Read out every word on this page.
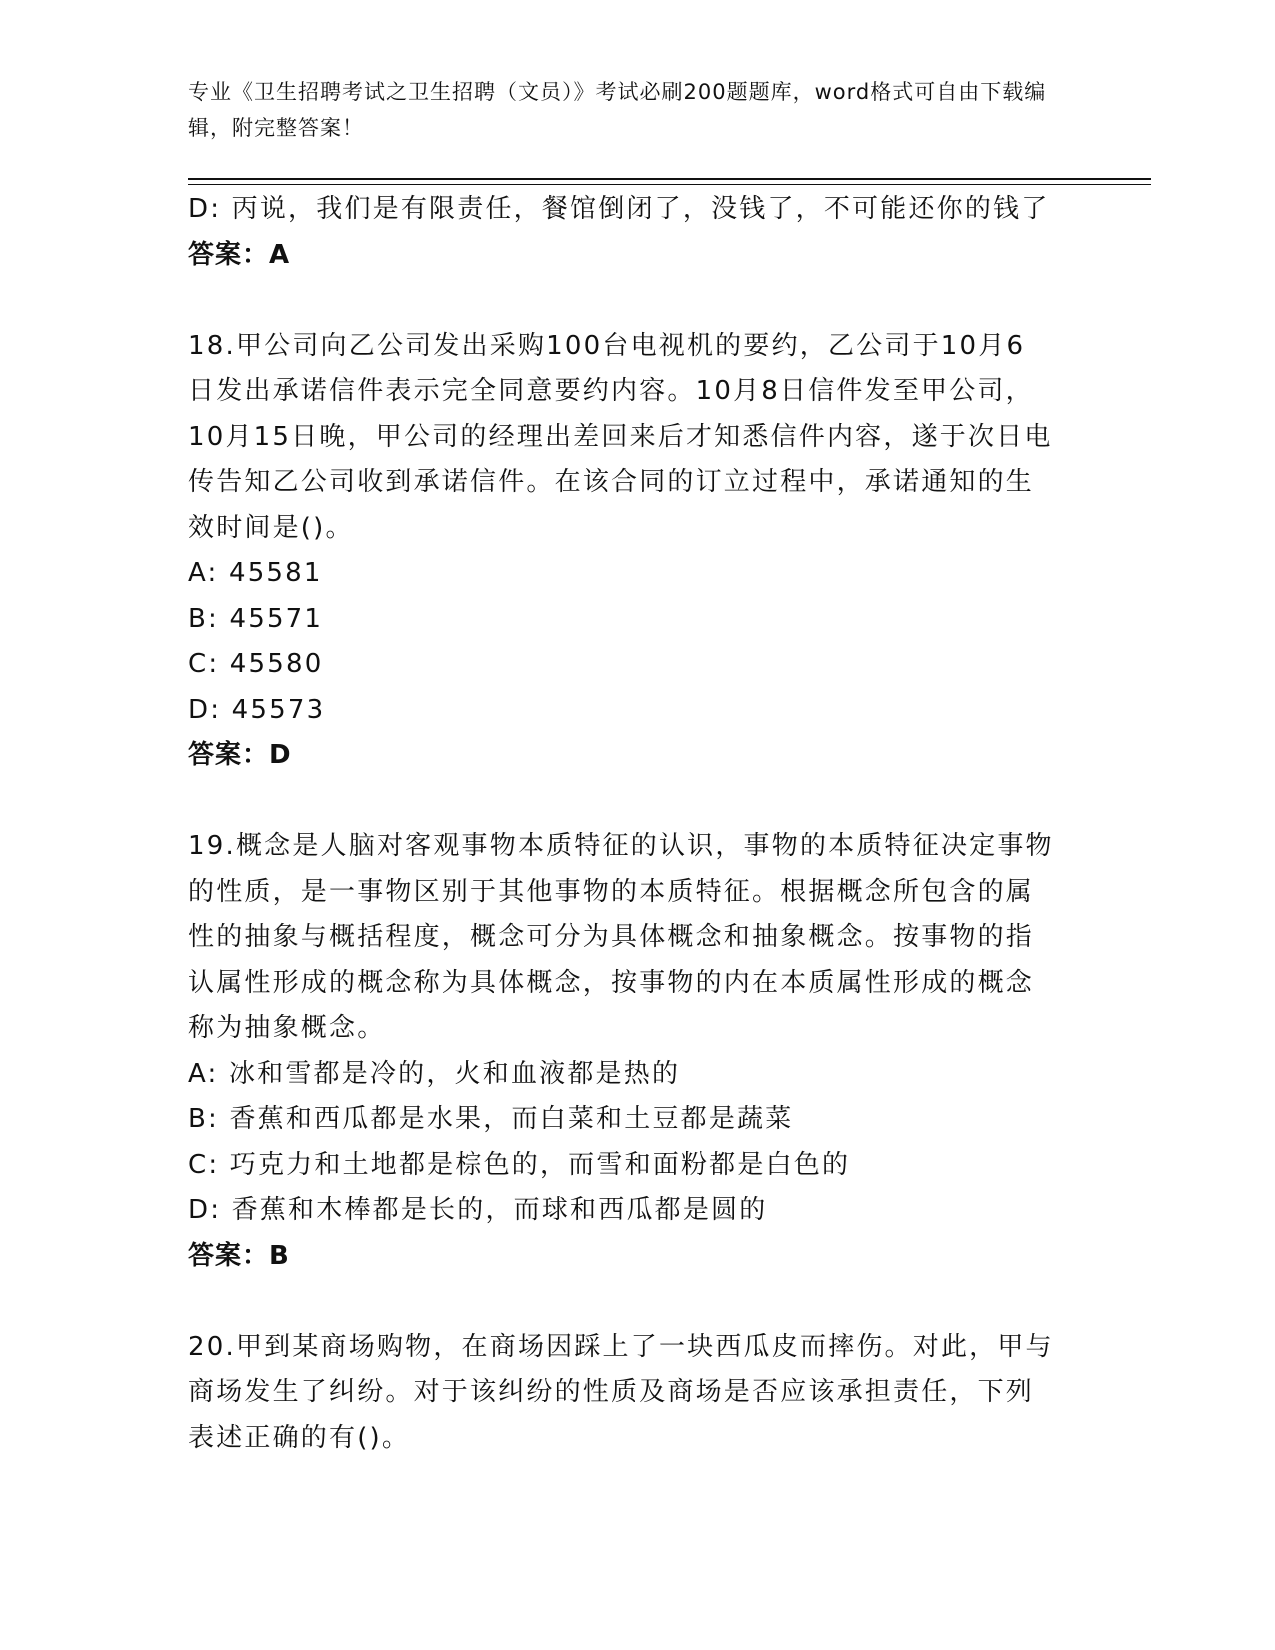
专业《卫生招聘考试之卫生招聘（文员）》考试必刷200题题库，word格式可自由下载编辑，附完整答案！

D: 丙说，我们是有限责任，餐馆倒闭了，没钱了，不可能还你的钱了

答案：A

18.甲公司向乙公司发出采购100台电视机的要约，乙公司于10月6

日发出承诺信件表示完全同意要约内容。10月8日信件发至甲公司，

10月15日晚，甲公司的经理出差回来后才知悉信件内容，遂于次日电

传告知乙公司收到承诺信件。在该合同的订立过程中，承诺通知的生

效时间是()。

A: 45581

B: 45571

C: 45580

D: 45573

答案：D

19.概念是人脑对客观事物本质特征的认识，事物的本质特征决定事物

的性质，是一事物区别于其他事物的本质特征。根据概念所包含的属

性的抽象与概括程度，概念可分为具体概念和抽象概念。按事物的指

认属性形成的概念称为具体概念，按事物的内在本质属性形成的概念

称为抽象概念。

A: 冰和雪都是冷的，火和血液都是热的

B: 香蕉和西瓜都是水果，而白菜和土豆都是蔬菜

C: 巧克力和土地都是棕色的，而雪和面粉都是白色的

D: 香蕉和木棒都是长的，而球和西瓜都是圆的

答案：B

20.甲到某商场购物，在商场因踩上了一块西瓜皮而摔伤。对此，甲与

商场发生了纠纷。对于该纠纷的性质及商场是否应该承担责任，下列

表述正确的有()。
